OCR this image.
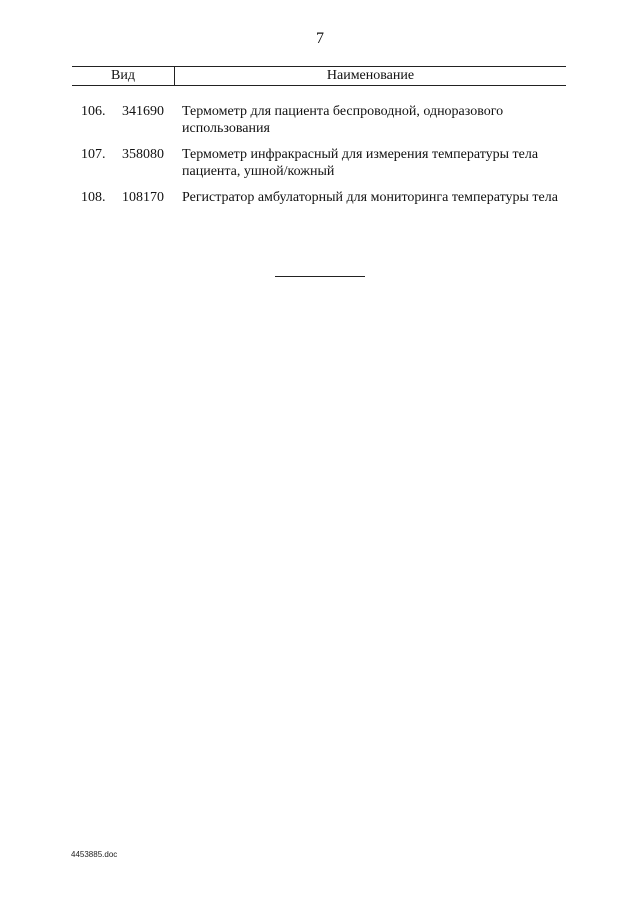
7
Вид	Наименование
106. 341690 Термометр для пациента беспроводной, одноразового использования
107. 358080 Термометр инфракрасный для измерения температуры тела пациента, ушной/кожный
108. 108170 Регистратор амбулаторный для мониторинга температуры тела
4453885.doc
